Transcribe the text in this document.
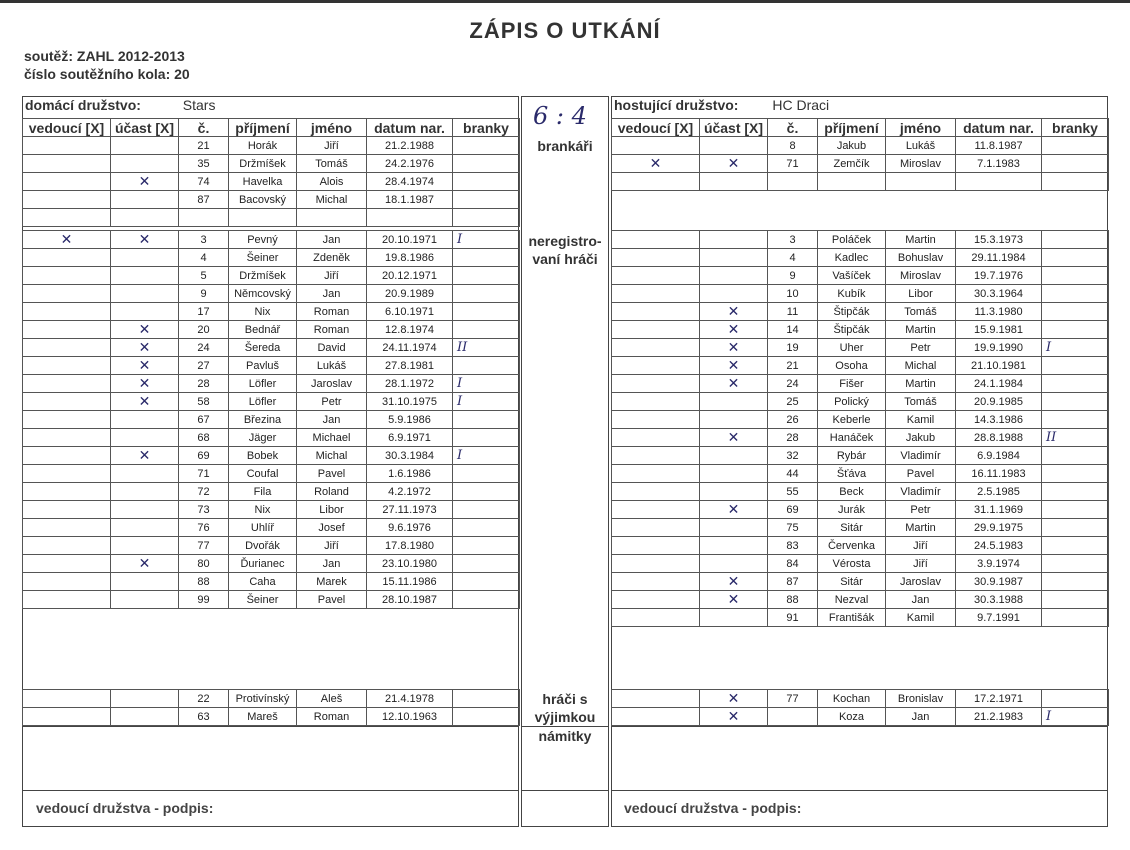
ZÁPIS O UTKÁNÍ
soutěž: ZAHL 2012-2013
číslo soutěžního kola: 20
domácí družstvo:	Stars	hostující družstvo: HC Draci
6 : 4
vedoucí [X]	účast [X]	č.	příjmení	jméno	datum nar.	branky
		21	Horák	Jiří	21.2.1988	
		35	Držmíšek	Tomáš	24.2.1976	
	✕	74	Havelka	Alois	28.4.1974	
		87	Bacovský	Michal	18.1.1987	

✕	✕	3	Pevný	Jan	20.10.1971	I
		4	Šeiner	Zdeněk	19.8.1986	
		5	Držmíšek	Jiří	20.12.1971	
		9	Němcovský	Jan	20.9.1989	
		17	Nix	Roman	6.10.1971	
	✕	20	Bednář	Roman	12.8.1974	
	✕	24	Šereda	David	24.11.1974	II
	✕	27	Pavluš	Lukáš	27.8.1981	
	✕	28	Löfler	Jaroslav	28.1.1972	I
	✕	58	Löfler	Petr	31.10.1975	I
		67	Březina	Jan	5.9.1986	
		68	Jäger	Michael	6.9.1971	
	✕	69	Bobek	Michal	30.3.1984	I
		71	Coufal	Pavel	1.6.1986	
		72	Fila	Roland	4.2.1972	
		73	Nix	Libor	27.11.1973	
		76	Uhlíř	Josef	9.6.1976	
		77	Dvořák	Jiří	17.8.1980	
	✕	80	Ďurianec	Jan	23.10.1980	
		88	Caha	Marek	15.11.1986	
		99	Šeiner	Pavel	28.10.1987	
		22	Protivínský	Aleš	21.4.1978	
		63	Mareš	Roman	12.10.1963	
vedoucí [X]	účast [X]	č.	příjmení	jméno	datum nar.	branky
		8	Jakub	Lukáš	11.8.1987	
✕	✕	71	Zemčík	Miroslav	7.1.1983	

		3	Poláček	Martin	15.3.1973	
		4	Kadlec	Bohuslav	29.11.1984	
		9	Vašíček	Miroslav	19.7.1976	
		10	Kubík	Libor	30.3.1964	
	✕	11	Štipčák	Tomáš	11.3.1980	
	✕	14	Štipčák	Martin	15.9.1981	
	✕	19	Uher	Petr	19.9.1990	I
	✕	21	Osoha	Michal	21.10.1981	
	✕	24	Fišer	Martin	24.1.1984	
		25	Polický	Tomáš	20.9.1985	
		26	Keberle	Kamil	14.3.1986	
	✕	28	Hanáček	Jakub	28.8.1988	II
		32	Rybár	Vladimír	6.9.1984	
		44	Šťáva	Pavel	16.11.1983	
		55	Beck	Vladimír	2.5.1985	
	✕	69	Jurák	Petr	31.1.1969	
		75	Sitár	Martin	29.9.1975	
		83	Červenka	Jiří	24.5.1983	
		84	Vérosta	Jiří	3.9.1974	
	✕	87	Sitár	Jaroslav	30.9.1987	
	✕	88	Nezval	Jan	30.3.1988	
		91	Františák	Kamil	9.7.1991	
	✕	77	Kochan	Bronislav	17.2.1971	
	✕		Koza	Jan	21.2.1983	I
brankáři
neregistro-
vaní hráči
hráči s
výjimkou
námitky
vedoucí družstva - podpis:	vedoucí družstva - podpis:
